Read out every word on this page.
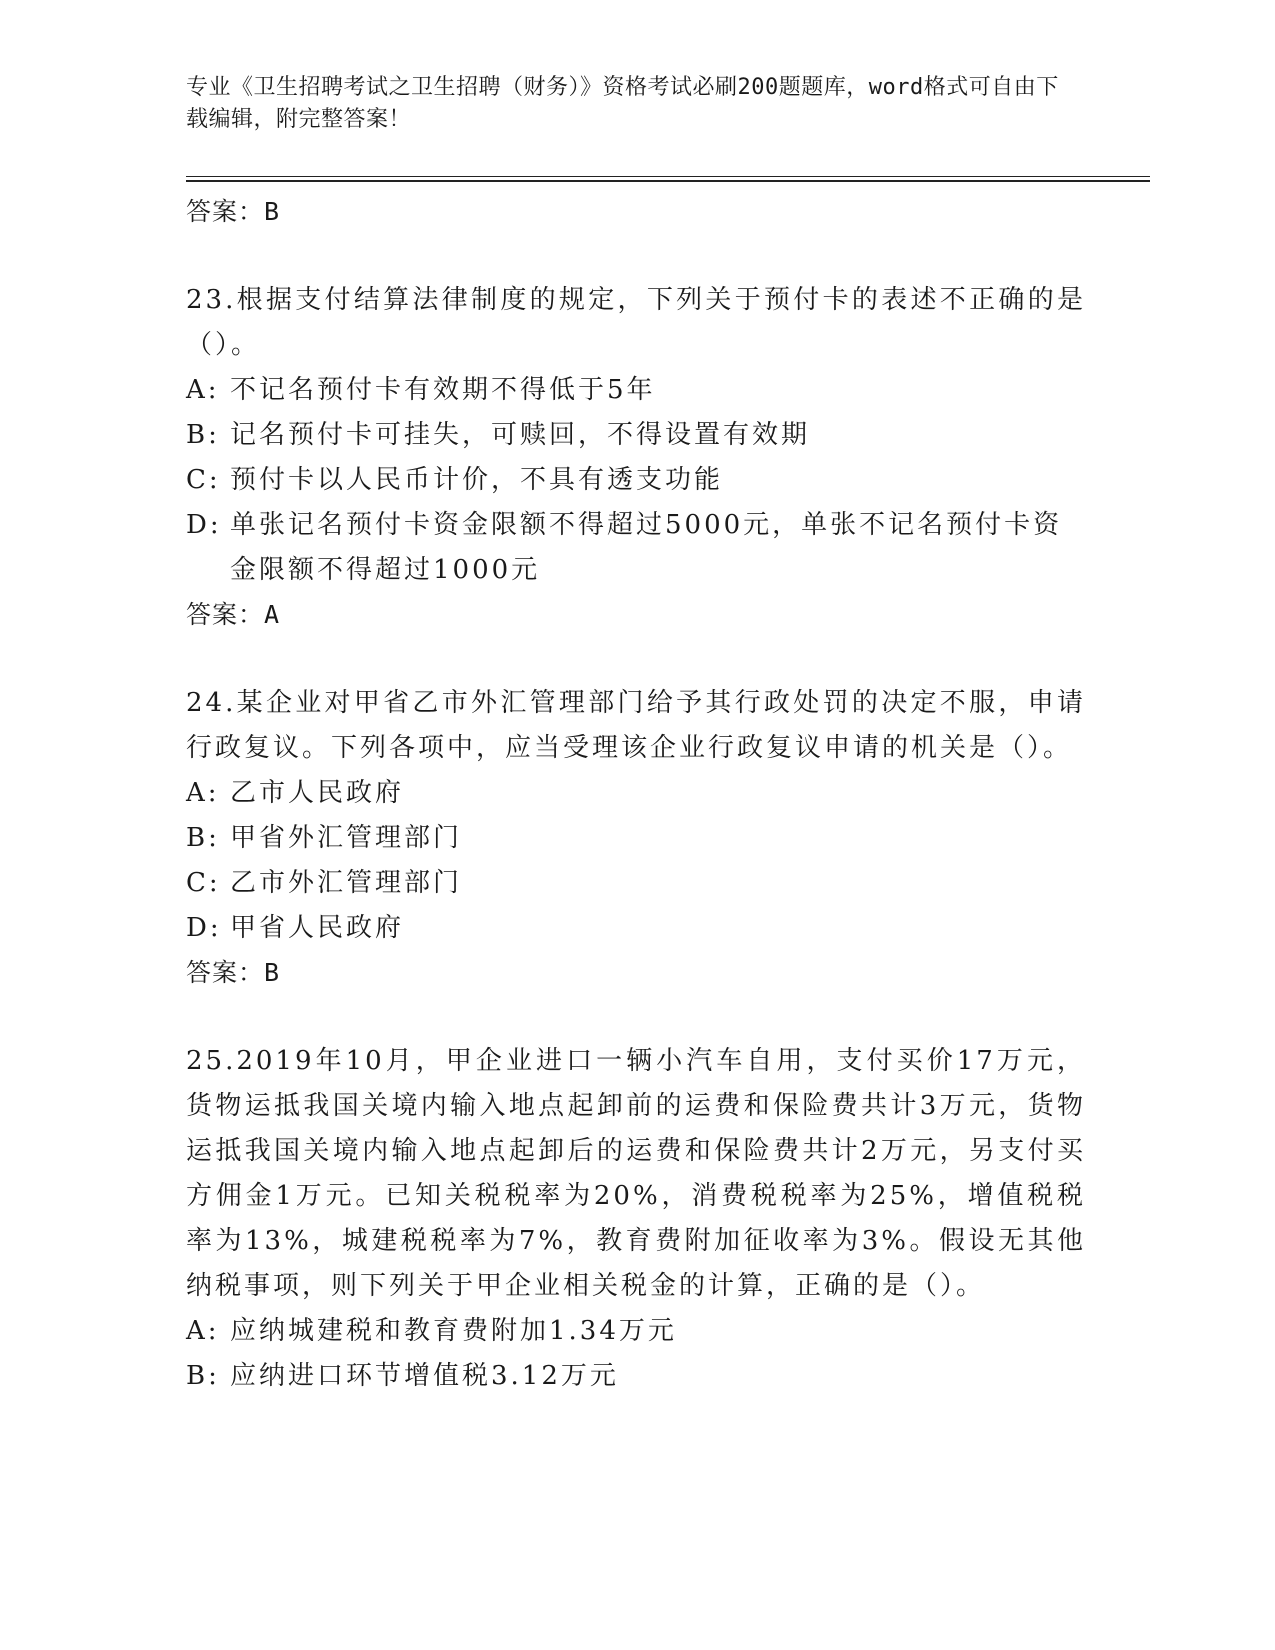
专业《卫生招聘考试之卫生招聘（财务）》资格考试必刷200题题库，word格式可自由下载编辑，附完整答案！
答案：B
23.根据支付结算法律制度的规定，下列关于预付卡的表述不正确的是（）。
A: 不记名预付卡有效期不得低于5年
B: 记名预付卡可挂失，可赎回，不得设置有效期
C: 预付卡以人民币计价，不具有透支功能
D: 单张记名预付卡资金限额不得超过5000元，单张不记名预付卡资金限额不得超过1000元
答案：A
24.某企业对甲省乙市外汇管理部门给予其行政处罚的决定不服，申请行政复议。下列各项中，应当受理该企业行政复议申请的机关是（）。
A: 乙市人民政府
B: 甲省外汇管理部门
C: 乙市外汇管理部门
D: 甲省人民政府
答案：B
25.2019年10月，甲企业进口一辆小汽车自用，支付买价17万元，货物运抵我国关境内输入地点起卸前的运费和保险费共计3万元，货物运抵我国关境内输入地点起卸后的运费和保险费共计2万元，另支付买方佣金1万元。已知关税税率为20%，消费税税率为25%，增值税税率为13%，城建税税率为7%，教育费附加征收率为3%。假设无其他纳税事项，则下列关于甲企业相关税金的计算，正确的是（）。
A: 应纳城建税和教育费附加1.34万元
B: 应纳进口环节增值税3.12万元
